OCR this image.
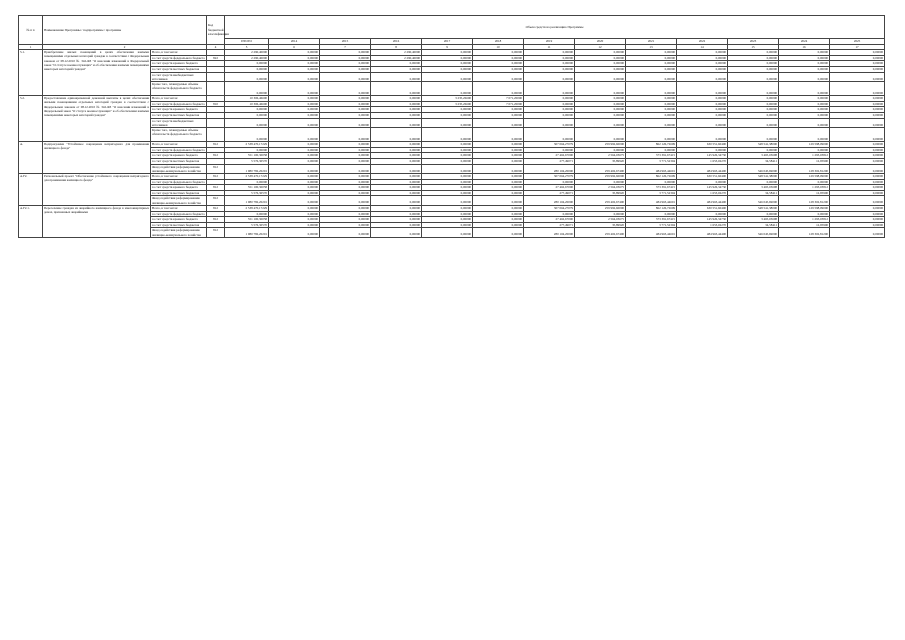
№ п п	Наименование Программы / подпрограммы / программы		Код бюджетной классификации	Объем средств на реализацию Программы												
				ИТОГО	2014	2015	2016	2017	2018	2019	2020	2021	2022	2023	2024	2025
1	2		4	5	6	7	8	9	10	11	12	13	14	15	16	17
5.1.	Приобретение жилых помещений в целях обеспечения жилыми помещениями отдельных категорий граждан в соответствии с Федеральным законом от 08.12.2010 № 342-ФЗ "О внесении изменений в Федеральный закон "О статусе военнослужащих" и об обеспечении жилыми помещениями некоторых категорий граждан"	Всего, в том числе:		2 290,40000	0,00000	0,00000	2 290,40000	0,00000	0,00000	0,00000	0,00000	0,00000	0,00000	0,00000	0,00000	0,00000
		за счет средств федерального бюджета	822	2 290,40000	0,00000	0,00000	2 290,40000	0,00000	0,00000	0,00000	0,00000	0,00000	0,00000	0,00000	0,00000	0,00000
		за счет средств краевого бюджета		0,00000	0,00000	0,00000	0,00000	0,00000	0,00000	0,00000	0,00000	0,00000	0,00000	0,00000	0,00000	0,00000
		за счет средств местных бюджетов		0,00000	0,00000	0,00000	0,00000	0,00000	0,00000	0,00000	0,00000	0,00000	0,00000	0,00000	0,00000	0,00000
		за счет средств внебюджетных источников		0,00000	0,00000	0,00000	0,00000	0,00000	0,00000	0,00000	0,00000	0,00000	0,00000	0,00000	0,00000	0,00000
		Кроме того, планируемые объемы обязательств федерального бюджета		0,00000	0,00000	0,00000	0,00000	0,00000	0,00000	0,00000	0,00000	0,00000	0,00000	0,00000	0,00000	0,00000
5.2.	Предоставление единовременной денежной выплаты в целях обеспечения жилыми помещениями отдельных категорий граждан в соответствии с Федеральным законом от 08.12.2010 № 342-ФЗ "О внесении изменений в Федеральный закон "О статусе военнослужащих" и об обеспечении жилыми помещениями некоторых категорий граждан"	Всего, в том числе:		10 306,46600	0,00000	0,00000	0,00000	3 235,26600	7 071,20000	0,00000	0,00000	0,00000	0,00000	0,00000	0,00000	0,00000
		за счет средств федерального бюджета	810	10 306,46600	0,00000	0,00000	0,00000	3 235,26600	7 071,20000	0,00000	0,00000	0,00000	0,00000	0,00000	0,00000	0,00000
		за счет средств краевого бюджета		0,00000	0,00000	0,00000	0,00000	0,00000	0,00000	0,00000	0,00000	0,00000	0,00000	0,00000	0,00000	0,00000
		за счет средств местных бюджетов		0,00000	0,00000	0,00000	0,00000	0,00000	0,00000	0,00000	0,00000	0,00000	0,00000	0,00000	0,00000	0,00000
		за счет средств внебюджетных источников		0,00000	0,00000	0,00000	0,00000	0,00000	0,00000	0,00000	0,00000	0,00000	0,00000	0,00000	0,00000	0,00000
		Кроме того, планируемые объемы обязательств федерального бюджета		0,00000	0,00000	0,00000	0,00000	0,00000	0,00000	0,00000	0,00000	0,00000	0,00000	0,00000	0,00000	0,00000
A.	Подпрограмма "Устойчивое сокращение непригодного для проживания жилищного фонда"	Всего, в том числе:	812	2 538 470,17229	0,00000	0,00000	0,00000	0,00000	0,00000	307 064,27079	259 992,60000	862 126,72609	630 551,60400	348 541,38000	129 598,09000	0,00000
		за счет средств федерального бюджета		0,00000	0,00000	0,00000	0,00000	0,00000	0,00000	0,00000	0,00000	0,00000	0,00000	0,00000	0,00000	0,00000
		за счет средств краевого бюджета	812	551 100,30058	0,00000	0,00000	0,00000	0,00000	0,00000	27 462,67000	2 564,03675	373 391,67415	145 926,34730	3 465,03698	1 293,03812	0,00000
		за счет средств местных бюджетов		5 576,30570	0,00000	0,00000	0,00000	0,00000	0,00000	277,49071	35,89920	3 771,52304	1 653,02270	34,58411	12,95900	0,00000
		Фонд содействия реформированию жилищно-коммунального хозяйства	812	1 980 782,20201	0,00000	0,00000	0,00000	0,00000	0,00000	280 104,20000	259 402,67400	484 963,44601	484 963,44400	346 045,69000	128 302,81200	0,00000
A.F2.	Региональный проект "Обеспечение устойчивого сокращения непригодного для проживания жилищного фонда"	Всего, в том числе:	812	2 538 470,17229	0,00000	0,00000	0,00000	0,00000	0,00000	307 064,27079	259 992,60000	862 126,72609	630 551,60400	348 541,38000	129 598,09000	0,00000
		за счет средств федерального бюджета		0,00000	0,00000	0,00000	0,00000	0,00000	0,00000	0,00000	0,00000	0,00000	0,00000	0,00000	0,00000	0,00000
		за счет средств краевого бюджета	812	551 100,30058	0,00000	0,00000	0,00000	0,00000	0,00000	27 462,67000	2 564,03675	373 391,67415	145 926,34730	3 465,03698	1 293,03812	0,00000
		за счет средств местных бюджетов		5 576,30570	0,00000	0,00000	0,00000	0,00000	0,00000	277,49071	35,89920	3 771,52304	1 653,02270	34,58411	12,95900	0,00000
		Фонд содействия реформированию жилищно-коммунального хозяйства	812	1 980 782,20201	0,00000	0,00000	0,00000	0,00000	0,00000	280 104,20000	259 402,67400	484 963,44601	484 963,44400	346 045,69000	128 302,81200	0,00000
A.F2.1.	Переселение граждан из аварийного жилищного фонда в многоквартирных домах, признанных аварийными	Всего, в том числе:	812	2 538 470,17229	0,00000	0,00000	0,00000	0,00000	0,00000	307 064,27079	259 992,60000	862 126,72609	630 551,60400	348 541,38000	129 598,09000	0,00000
		за счет средств федерального бюджета		0,00000	0,00000	0,00000	0,00000	0,00000	0,00000	0,00000	0,00000	0,00000	0,00000	0,00000	0,00000	0,00000
		за счет средств краевого бюджета	812	551 100,30058	0,00000	0,00000	0,00000	0,00000	0,00000	27 462,67000	2 564,03675	373 391,67415	145 926,34730	3 465,03698	1 293,03812	0,00000
		за счет средств местных бюджетов		5 576,30570	0,00000	0,00000	0,00000	0,00000	0,00000	277,49071	35,89920	3 771,52304	1 653,02270	34,58411	12,95900	0,00000
		Фонд содействия реформированию жилищно-коммунального хозяйства	812	1 980 782,20201	0,00000	0,00000	0,00000	0,00000	0,00000	280 104,20000	259 402,67400	484 963,44601	484 963,44400	346 045,69000	128 302,81200	0,00000
